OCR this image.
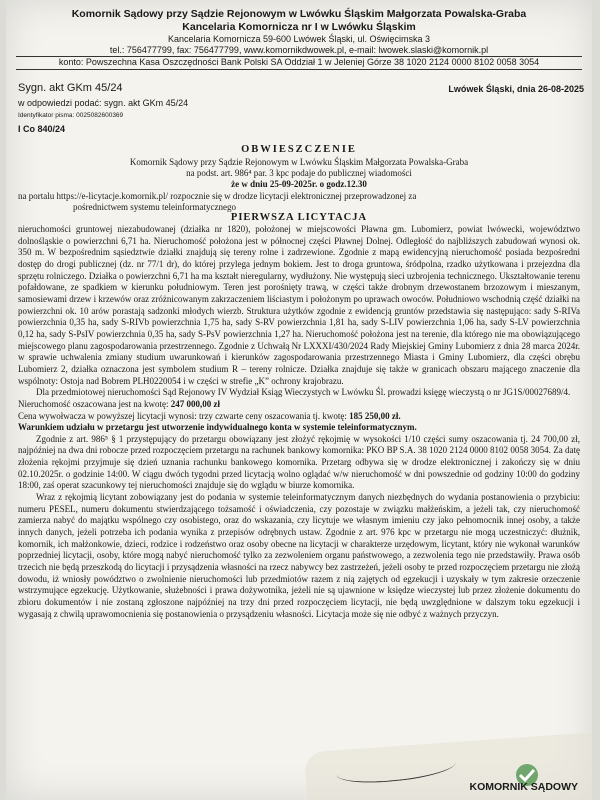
Komornik Sądowy przy Sądzie Rejonowym w Lwówku Śląskim Małgorzata Powalska-Graba
Kancelaria Komornicza nr I w Lwówku Śląskim
Kancelaria Komornicza 59-600 Lwówek Śląski, ul. Oświęcimska 3
tel.: 756477799, fax: 756477799, www.komornikdwowek.pl, e-mail: lwowek.slaski@komornik.pl
konto: Powszechna Kasa Oszczędności Bank Polski SA Oddział 1 w Jeleniej Górze 38 1020 2124 0000 8102 0058 3054
Sygn. akt GKm 45/24	Lwówek Śląski, dnia 26-08-2025
w odpowiedzi podać: sygn. akt GKm 45/24
Identyfikator pisma: 0025082600369
I Co 840/24
OBWIESZCZENIE
Komornik Sądowy przy Sądzie Rejonowym w Lwówku Śląskim Małgorzata Powalska-Graba
na podst. art. 986⁴ par. 3 kpc podaje do publicznej wiadomości
że w dniu 25-09-2025r. o godz.12.30
na portalu https://e-licytacje.komornik.pl/ rozpocznie się w drodze licytacji elektronicznej przeprowadzonej za
pośrednictwem systemu teleinformatycznego
PIERWSZA LICYTACJA

nieruchomości gruntowej niezabudowanej (działka nr 1820), położonej w miejscowości Pławna gm. Lubomierz, powiat lwówecki, województwo dolnośląskie o powierzchni 6,71 ha. Nieruchomość położona jest w północnej części Pławnej Dolnej. Odległość do najbliższych zabudowań wynosi ok. 350 m. W bezpośrednim sąsiedztwie działki znajdują się tereny rolne i zadrzewione. Zgodnie z mapą ewidencyjną nieruchomość posiada bezpośredni dostęp do drogi publicznej (dz. nr 77/1 dr), do której przylega jednym bokiem. Jest to droga gruntowa, śródpolna, rzadko użytkowana i przejezdna dla sprzętu rolniczego. Działka o powierzchni 6,71 ha ma kształt nieregularny, wydłużony. Nie występują sieci uzbrojenia technicznego. Ukształtowanie terenu pofałdowane, ze spadkiem w kierunku południowym. Teren jest porośnięty trawą, w części także drobnym drzewostanem brzozowym i mieszanym, samosiewami drzew i krzewów oraz zróżnicowanym zakrzaczeniem liściastym i położonym po uprawach owoców. Południowo wschodnią część działki na powierzchni ok. 10 arów porastają sadzonki młodych wierzb. Struktura użytków zgodnie z ewidencją gruntów przedstawia się następująco: sady S-RIVa powierzchnia 0,35 ha, sady S-RIVb powierzchnia 1,75 ha, sady S-RV powierzchnia 1,81 ha, sady S-LIV powierzchnia 1,06 ha, sady S-LV powierzchnia 0,12 ha, sady S-PsIV powierzchnia 0,35 ha, sady S-PsV powierzchnia 1,27 ha. Nieruchomość położona jest na terenie, dla którego nie ma obowiązującego miejscowego planu zagospodarowania przestrzennego. Zgodnie z Uchwałą Nr LXXXI/430/2024 Rady Miejskiej Gminy Lubomierz z dnia 28 marca 2024r. w sprawie uchwalenia zmiany studium uwarunkowań i kierunków zagospodarowania przestrzennego Miasta i Gminy Lubomierz, dla części obrębu Lubomierz 2, działka oznaczona jest symbolem studium R – tereny rolnicze. Działka znajduje się także w granicach obszaru mającego znaczenie dla wspólnoty: Ostoja nad Bobrem PLH0220054 i w części w strefie „K” ochrony krajobrazu.

Dla przedmiotowej nieruchomości Sąd Rejonowy IV Wydział Ksiąg Wieczystych w Lwówku Śl. prowadzi księgę wieczystą o nr JG1S/00027689/4.

Nieruchomość oszacowana jest na kwotę: 247 000,00 zł

Cena wywołwacza w powyższej licytacji wynosi: trzy czwarte ceny oszacowania tj. kwotę: 185 250,00 zł.

Warunkiem udziału w przetargu jest utworzenie indywidualnego konta w systemie teleinformatycznym.

Zgodnie z art. 986⁵ § 1 przystępujący do przetargu obowiązany jest złożyć rękojmię w wysokości 1/10 części sumy oszacowania tj. 24 700,00 zł, najpóźniej na dwa dni robocze przed rozpoczęciem przetargu na rachunek bankowy komornika: PKO BP S.A. 38 1020 2124 0000 8102 0058 3054. Za datę złożenia rękojmi przyjmuje się dzień uznania rachunku bankowego komornika. Przetarg odbywa się w drodze elektronicznej i zakończy się w dniu 02.10.2025r. o godzinie 14:00. W ciągu dwóch tygodni przed licytacją wolno oglądać w/w nieruchomość w dni powszednie od godziny 10:00 do godziny 18:00, zaś operat szacunkowy tej nieruchomości znajduje się do wglądu w biurze komornika.

Wraz z rękojmią licytant zobowiązany jest do podania w systemie teleinformatycznym danych niezbędnych do wydania postanowienia o przybiciu: numeru PESEL, numeru dokumentu stwierdzającego tożsamość i oświadczenia, czy pozostaje w związku małżeńskim, a jeżeli tak, czy nieruchomość zamierza nabyć do majątku wspólnego czy osobistego, oraz do wskazania, czy licytuje we własnym imieniu czy jako pełnomocnik innej osoby, a także innych danych, jeżeli potrzeba ich podania wynika z przepisów odrębnych ustaw. Zgodnie z art. 976 kpc w przetargu nie mogą uczestniczyć: dłużnik, komornik, ich małżonkowie, dzieci, rodzice i rodzeństwo oraz osoby obecne na licytacji w charakterze urzędowym, licytant, który nie wykonał warunków poprzedniej licytacji, osoby, które mogą nabyć nieruchomość tylko za zezwoleniem organu państwowego, a zezwolenia tego nie przedstawiły. Prawa osób trzecich nie będą przeszkodą do licytacji i przysądzenia własności na rzecz nabywcy bez zastrzeżeń, jeżeli osoby te przed rozpoczęciem przetargu nie złożą dowodu, iż wniosły powództwo o zwolnienie nieruchomości lub przedmiotów razem z nią zajętych od egzekucji i uzyskały w tym zakresie orzeczenie wstrzymujące egzekucję. Użytkowanie, służebności i prawa dożywotnika, jeżeli nie są ujawnione w księdze wieczystej lub przez złożenie dokumentu do zbioru dokumentów i nie zostaną zgłoszone najpóźniej na trzy dni przed rozpoczęciem licytacji, nie będą uwzględnione w dalszym toku egzekucji i wygasają z chwilą uprawomocnienia się postanowienia o przysądzeniu własności. Licytacja może się nie odbyć z ważnych przyczyn.

KOMORNIK SĄDOWY
